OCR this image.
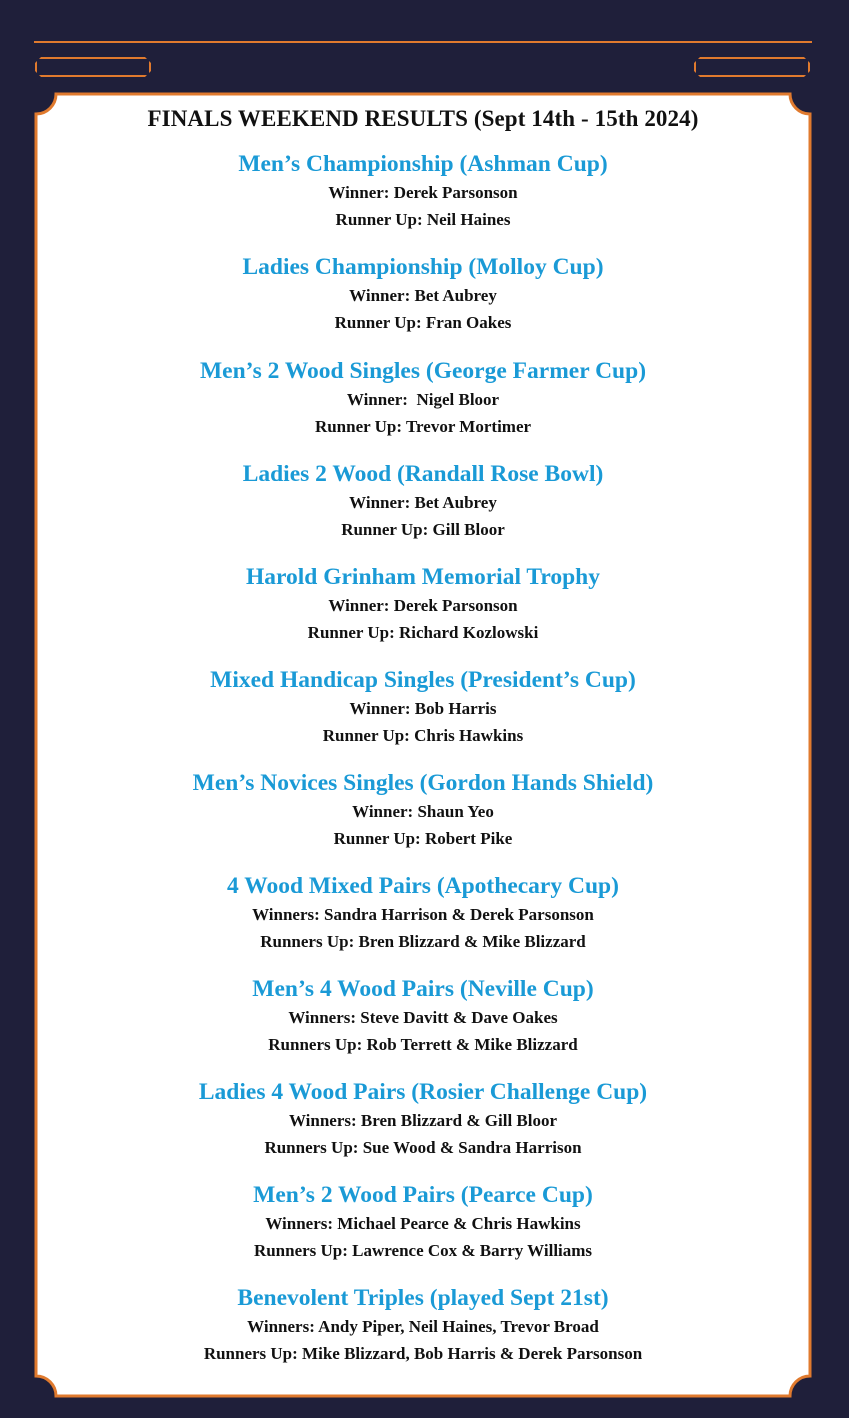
FINALS WEEKEND RESULTS (Sept 14th - 15th 2024)
Men’s Championship (Ashman Cup)
Winner: Derek Parsonson
Runner Up: Neil Haines
Ladies Championship (Molloy Cup)
Winner: Bet Aubrey
Runner Up: Fran Oakes
Men’s 2 Wood Singles (George Farmer Cup)
Winner:  Nigel Bloor
Runner Up: Trevor Mortimer
Ladies 2 Wood (Randall Rose Bowl)
Winner: Bet Aubrey
Runner Up: Gill Bloor
Harold Grinham Memorial Trophy
Winner: Derek Parsonson
Runner Up: Richard Kozlowski
Mixed Handicap Singles (President’s Cup)
Winner: Bob Harris
Runner Up: Chris Hawkins
Men’s Novices Singles (Gordon Hands Shield)
Winner: Shaun Yeo
Runner Up: Robert Pike
4 Wood Mixed Pairs (Apothecary Cup)
Winners: Sandra Harrison & Derek Parsonson
Runners Up: Bren Blizzard & Mike Blizzard
Men’s 4 Wood Pairs (Neville Cup)
Winners: Steve Davitt & Dave Oakes
Runners Up: Rob Terrett & Mike Blizzard
Ladies 4 Wood Pairs (Rosier Challenge Cup)
Winners: Bren Blizzard & Gill Bloor
Runners Up: Sue Wood & Sandra Harrison
Men’s 2 Wood Pairs (Pearce Cup)
Winners: Michael Pearce & Chris Hawkins
Runners Up: Lawrence Cox & Barry Williams
Benevolent Triples (played Sept 21st)
Winners: Andy Piper, Neil Haines, Trevor Broad
Runners Up: Mike Blizzard, Bob Harris & Derek Parsonson
